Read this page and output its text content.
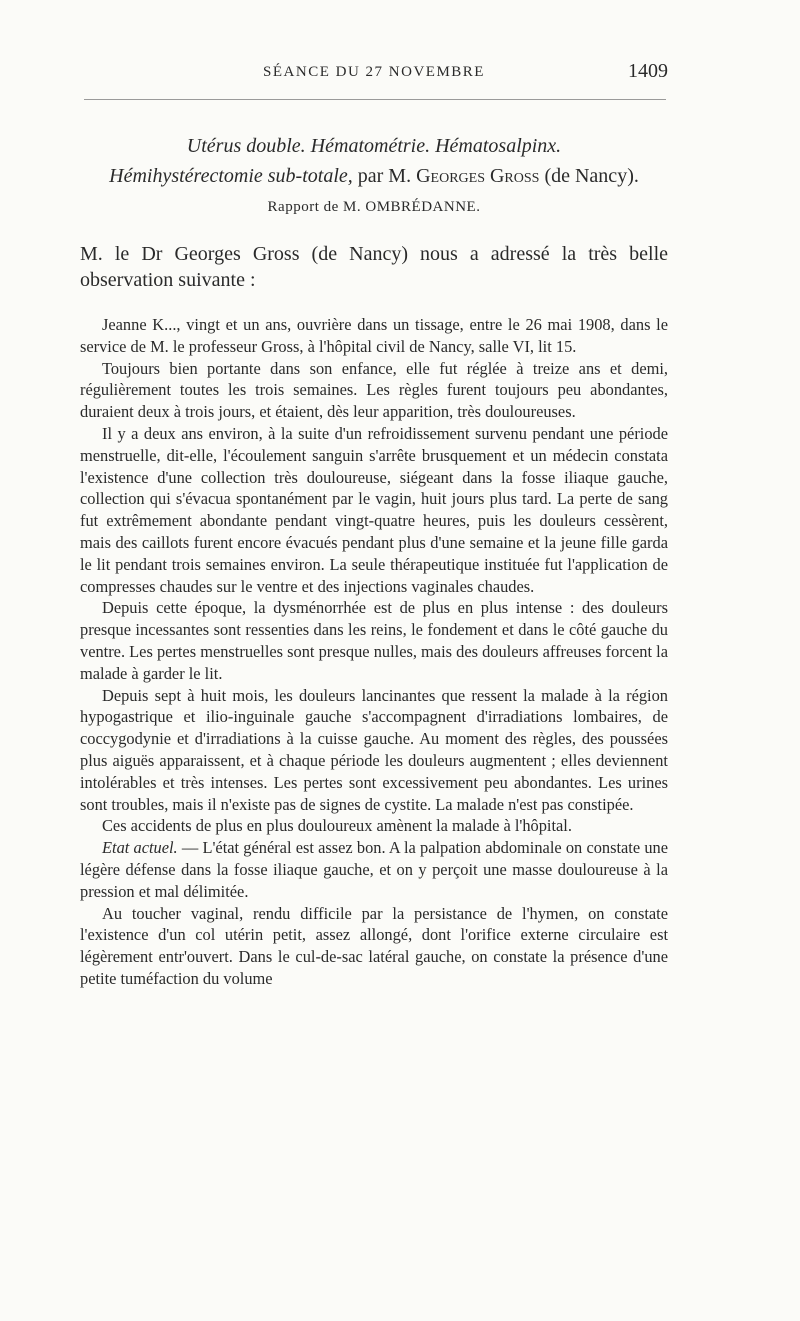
SÉANCE DU 27 NOVEMBRE	1409
Utérus double. Hématométrie. Hématosalpinx.
Hémihystérectomie sub-totale, par M. Georges Gross (de Nancy).
Rapport de M. OMBRÉDANNE.

M. le Dr Georges Gross (de Nancy) nous a adressé la très belle observation suivante :

Jeanne K..., vingt et un ans, ouvrière dans un tissage, entre le 26 mai 1908, dans le service de M. le professeur Gross, à l'hôpital civil de Nancy, salle VI, lit 15.

Toujours bien portante dans son enfance, elle fut réglée à treize ans et demi, régulièrement toutes les trois semaines. Les règles furent toujours peu abondantes, duraient deux à trois jours, et étaient, dès leur apparition, très douloureuses.

Il y a deux ans environ, à la suite d'un refroidissement survenu pendant une période menstruelle, dit-elle, l'écoulement sanguin s'arrête brusquement et un médecin constata l'existence d'une collection très douloureuse, siégeant dans la fosse iliaque gauche, collection qui s'évacua spontanément par le vagin, huit jours plus tard. La perte de sang fut extrêmement abondante pendant vingt-quatre heures, puis les douleurs cessèrent, mais des caillots furent encore évacués pendant plus d'une semaine et la jeune fille garda le lit pendant trois semaines environ. La seule thérapeutique instituée fut l'application de compresses chaudes sur le ventre et des injections vaginales chaudes.

Depuis cette époque, la dysménorrhée est de plus en plus intense : des douleurs presque incessantes sont ressenties dans les reins, le fondement et dans le côté gauche du ventre. Les pertes menstruelles sont presque nulles, mais des douleurs affreuses forcent la malade à garder le lit.

Depuis sept à huit mois, les douleurs lancinantes que ressent la malade à la région hypogastrique et ilio-inguinale gauche s'accompagnent d'irradiations lombaires, de coccygodynie et d'irradiations à la cuisse gauche. Au moment des règles, des poussées plus aiguës apparaissent, et à chaque période les douleurs augmentent ; elles deviennent intolérables et très intenses. Les pertes sont excessivement peu abondantes. Les urines sont troubles, mais il n'existe pas de signes de cystite. La malade n'est pas constipée.

Ces accidents de plus en plus douloureux amènent la malade à l'hôpital.

Etat actuel. — L'état général est assez bon. A la palpation abdominale on constate une légère défense dans la fosse iliaque gauche, et on y perçoit une masse douloureuse à la pression et mal délimitée.

Au toucher vaginal, rendu difficile par la persistance de l'hymen, on constate l'existence d'un col utérin petit, assez allongé, dont l'orifice externe circulaire est légèrement entr'ouvert. Dans le cul-de-sac latéral gauche, on constate la présence d'une petite tuméfaction du volume
